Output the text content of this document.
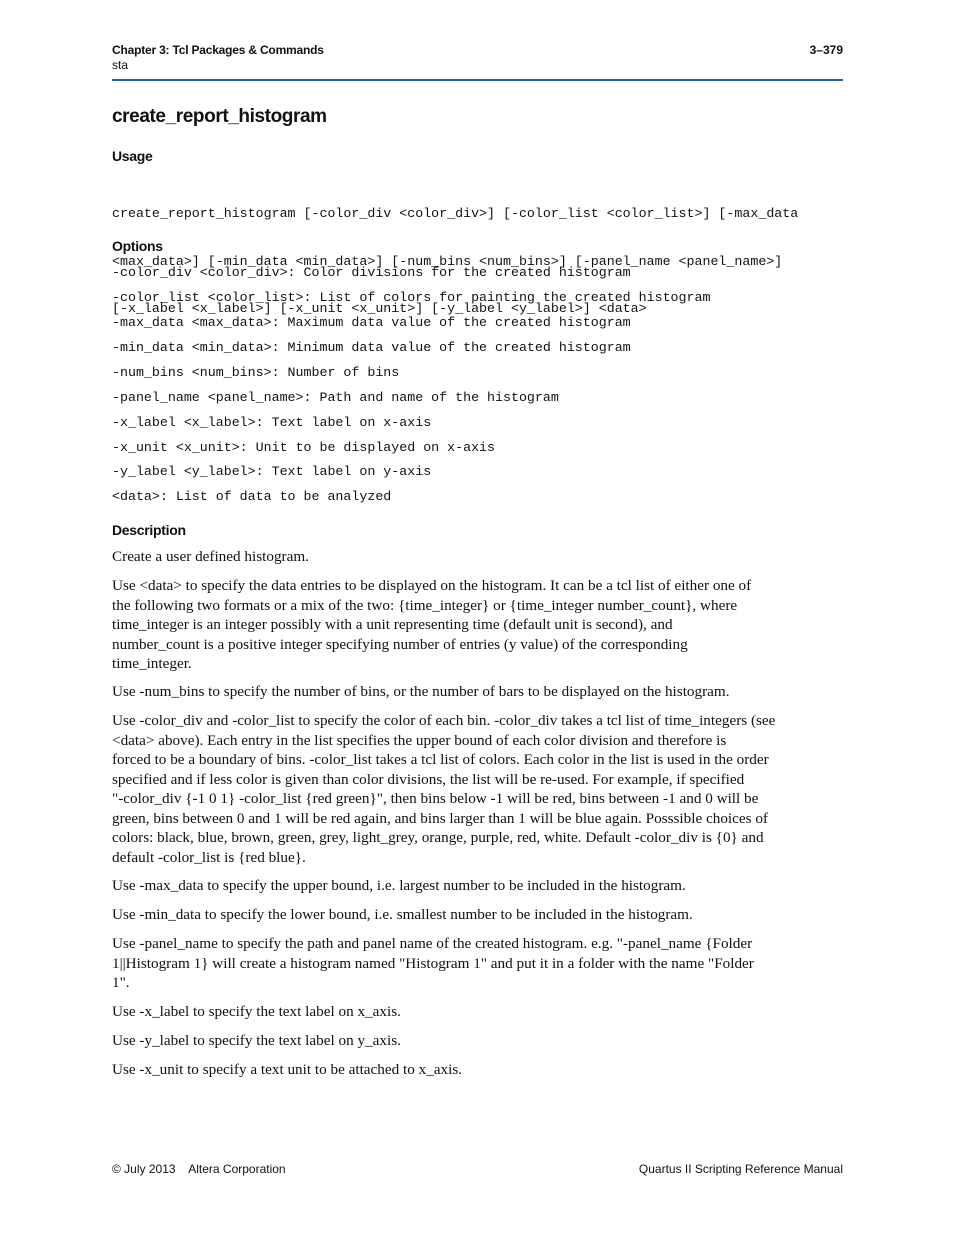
Chapter 3: Tcl Packages & Commands
sta
3–379
create_report_histogram
Usage

create_report_histogram [-color_div <color_div>] [-color_list <color_list>] [-max_data

<max_data>] [-min_data <min_data>] [-num_bins <num_bins>] [-panel_name <panel_name>]

[-x_label <x_label>] [-x_unit <x_unit>] [-y_label <y_label>] <data>

Options
-color_div <color_div>: Color divisions for the created histogram
-color_list <color_list>: List of colors for painting the created histogram
-max_data <max_data>: Maximum data value of the created histogram
-min_data <min_data>: Minimum data value of the created histogram
-num_bins <num_bins>: Number of bins
-panel_name <panel_name>: Path and name of the histogram
-x_label <x_label>: Text label on x-axis
-x_unit <x_unit>: Unit to be displayed on x-axis
-y_label <y_label>: Text label on y-axis
<data>: List of data to be analyzed
Description
Create a user defined histogram.
Use <data> to specify the data entries to be displayed on the histogram. It can be a tcl list of either one of
the following two formats or a mix of the two: {time_integer} or {time_integer number_count}, where
time_integer is an integer possibly with a unit representing time (default unit is second), and
number_count is a positive integer specifying number of entries (y value) of the corresponding
time_integer.
Use -num_bins to specify the number of bins, or the number of bars to be displayed on the histogram.
Use -color_div and -color_list to specify the color of each bin. -color_div takes a tcl list of time_integers (see
<data> above). Each entry in the list specifies the upper bound of each color division and therefore is
forced to be a boundary of bins. -color_list takes a tcl list of colors. Each color in the list is used in the order
specified and if less color is given than color divisions, the list will be re-used. For example, if specified
"-color_div {-1 0 1} -color_list {red green}", then bins below -1 will be red, bins between -1 and 0 will be
green, bins between 0 and 1 will be red again, and bins larger than 1 will be blue again. Posssible choices of
colors: black, blue, brown, green, grey, light_grey, orange, purple, red, white. Default -color_div is {0} and
default -color_list is {red blue}.
Use -max_data to specify the upper bound, i.e. largest number to be included in the histogram.
Use -min_data to specify the lower bound, i.e. smallest number to be included in the histogram.
Use -panel_name to specify the path and panel name of the created histogram. e.g. "-panel_name {Folder
1||Histogram 1} will create a histogram named "Histogram 1" and put it in a folder with the name "Folder
1".
Use -x_label to specify the text label on x_axis.
Use -y_label to specify the text label on y_axis.
Use -x_unit to specify a text unit to be attached to x_axis.
© July 2013    Altera Corporation	Quartus II Scripting Reference Manual
